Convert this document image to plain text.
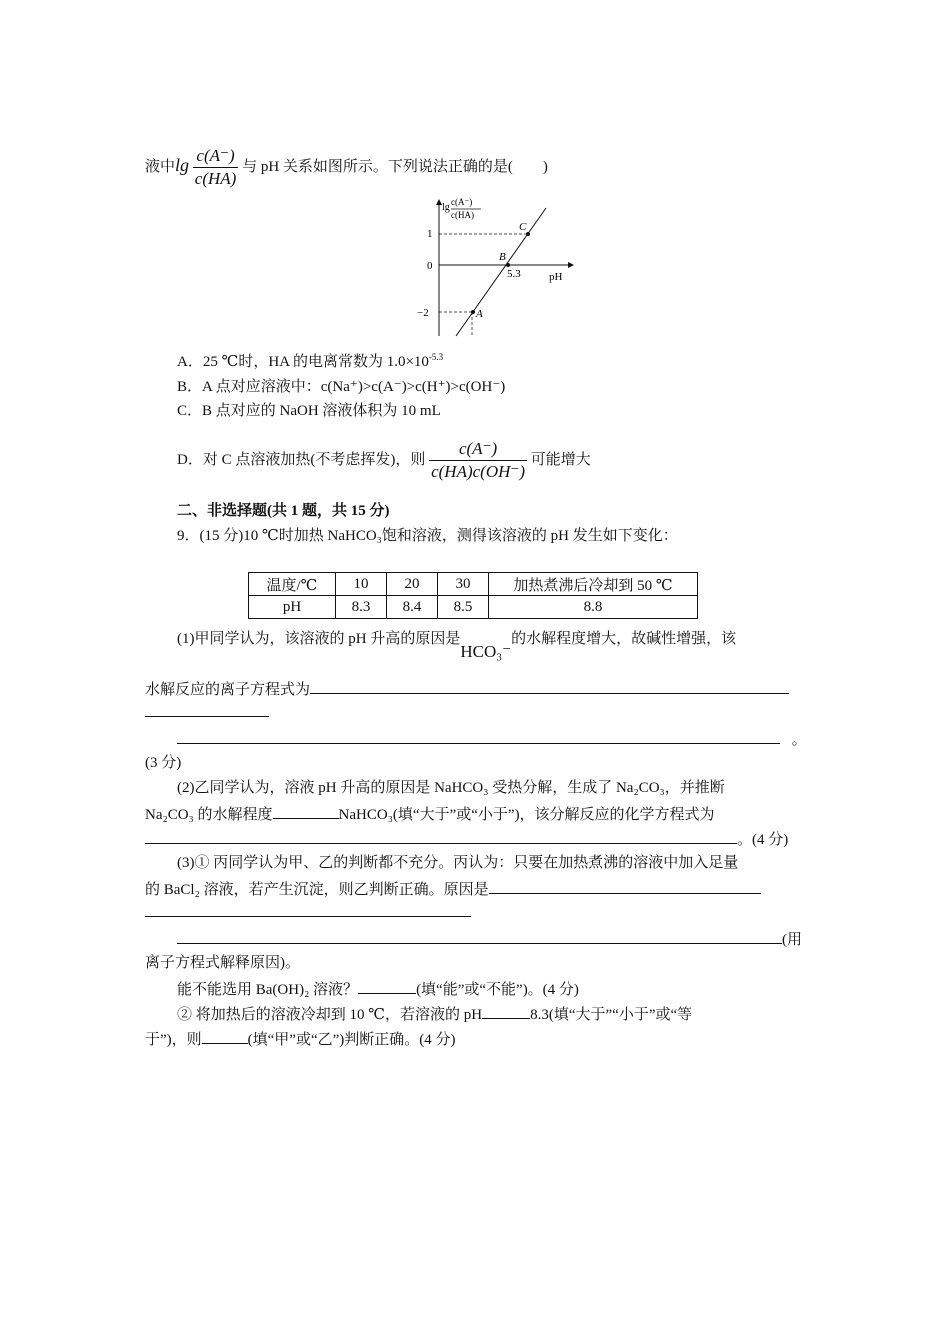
液中$\lg \frac{c(A^-)}{c(HA)}$ 与 pH 关系如图所示。下列说法正确的是(　　)
lg c(A⁻)
c(HA)
1
0
−2	A
B
C
5.3	pH
A．25 ℃时，HA 的电离常数为 $1.0\times 10^{-5.3}$
B．A 点对应溶液中：c(Na⁺)>c(A⁻)>c(H⁺)>c(OH⁻)
C．B 点对应的 NaOH 溶液体积为 10 mL
D．对 C 点溶液加热(不考虑挥发)，则 $\frac{c(A^-)}{c(HA)c(OH^-)}$ 可能增大
二、非选择题(共 1 题，共 15 分)
9．(15 分)10 ℃时加热 NaHCO₃饱和溶液，测得该溶液的 pH 发生如下变化：
温度/℃	10	20	30	加热煮沸后冷却到 50 ℃
pH	8.3	8.4	8.5	8.8
(1)甲同学认为，该溶液的 pH 升高的原因是HCO₃⁻的水解程度增大，故碱性增强，该
水解反应的离子方程式为
。
(3 分)
(2)乙同学认为，溶液 pH 升高的原因是 NaHCO₃ 受热分解，生成了 Na₂CO₃，并推断
Na₂CO₃ 的水解程度	NaHCO₃(填“大于”或“小于”)，该分解反应的化学方程式为
。(4 分)
(3)① 丙同学认为甲、乙的判断都不充分。丙认为：只要在加热煮沸的溶液中加入足量
的 BaCl₂ 溶液，若产生沉淀，则乙判断正确。原因是
(用
离子方程式解释原因)。
能不能选用 Ba(OH)₂ 溶液？	(填“能”或“不能”)。(4 分)
② 将加热后的溶液冷却到 10 ℃，若溶液的 pH	8.3(填“大于”“小于”或“等
于”)，则	(填“甲”或“乙”)判断正确。(4 分)
